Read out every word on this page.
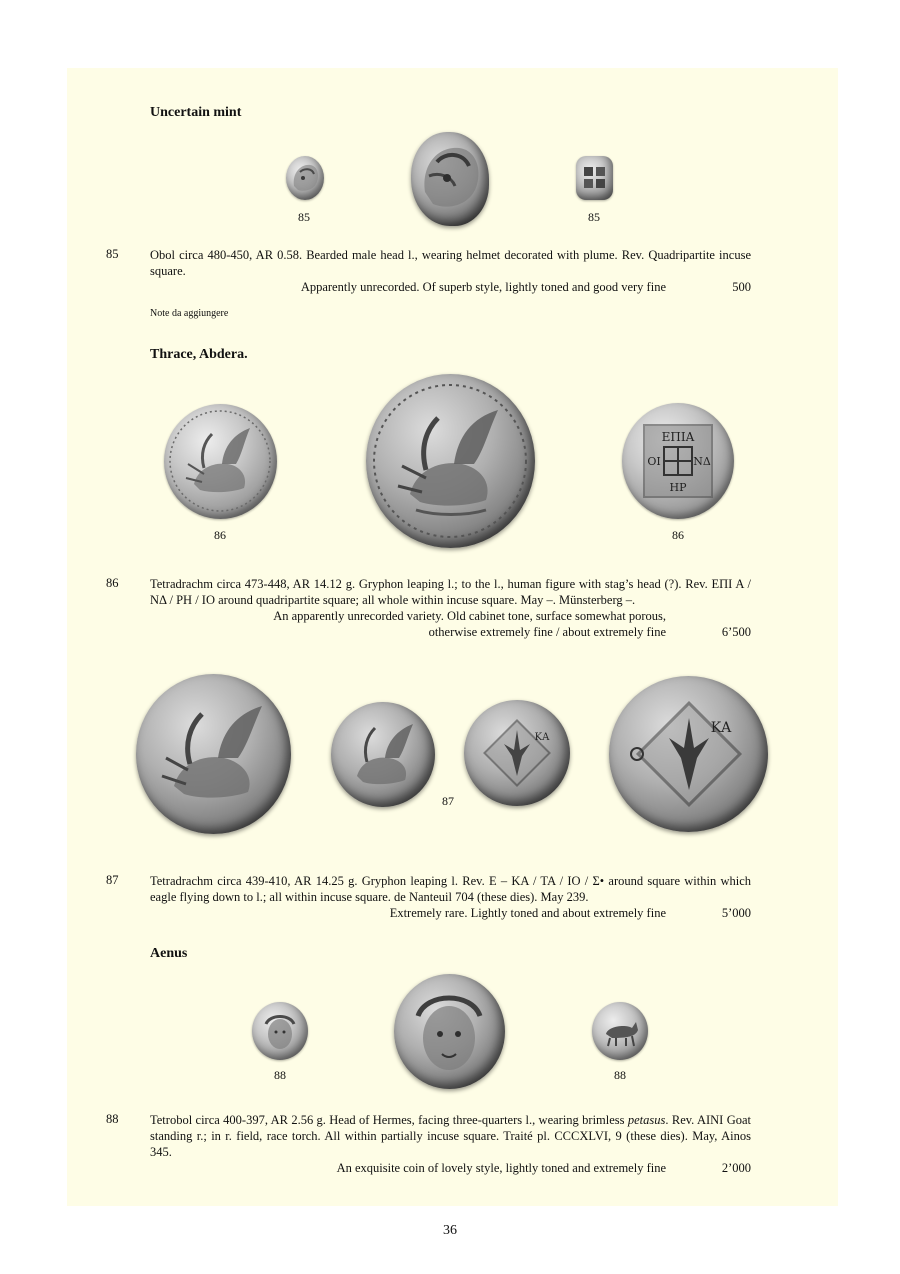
Uncertain mint
85	85
85	Obol circa 480-450, AR 0.58. Bearded male head l., wearing helmet decorated with plume. Rev. Quadripartite incuse square.

Apparently unrecorded. Of superb style, lightly toned and good very fine	500
Note da aggiungere
Thrace, Abdera.
ΕΠΙΑ
ΟΙ	ΝΔ
ΗΡ
86	86
86	Tetradrachm circa 473-448, AR 14.12 g. Gryphon leaping l.; to the l., human figure with stag’s head (?). Rev. ΕΠΙ Α / ΝΔ / ΡΗ / ΙΟ around quadripartite square; all whole within incuse square. May –. Münsterberg –.

An apparently unrecorded variety. Old cabinet tone, surface somewhat porous,
otherwise extremely fine / about extremely fine	6’500
ΚΑ
ΚΑ
87
87	Tetradrachm circa 439-410, AR 14.25 g. Gryphon leaping l. Rev. Ε – ΚΑ / ΤΑ / ΙΟ / Σ• around square within which eagle flying down to l.; all within incuse square. de Nanteuil 704 (these dies). May 239.

Extremely rare. Lightly toned and about extremely fine	5’000
Aenus
88	88
88	Tetrobol circa 400-397, AR 2.56 g. Head of Hermes, facing three-quarters l., wearing brimless petasus. Rev. AINI Goat standing r.; in r. field, race torch. All within partially incuse square. Traité pl. CCCXLVI, 9 (these dies). May, Ainos 345.

An exquisite coin of lovely style, lightly toned and extremely fine	2’000
36
